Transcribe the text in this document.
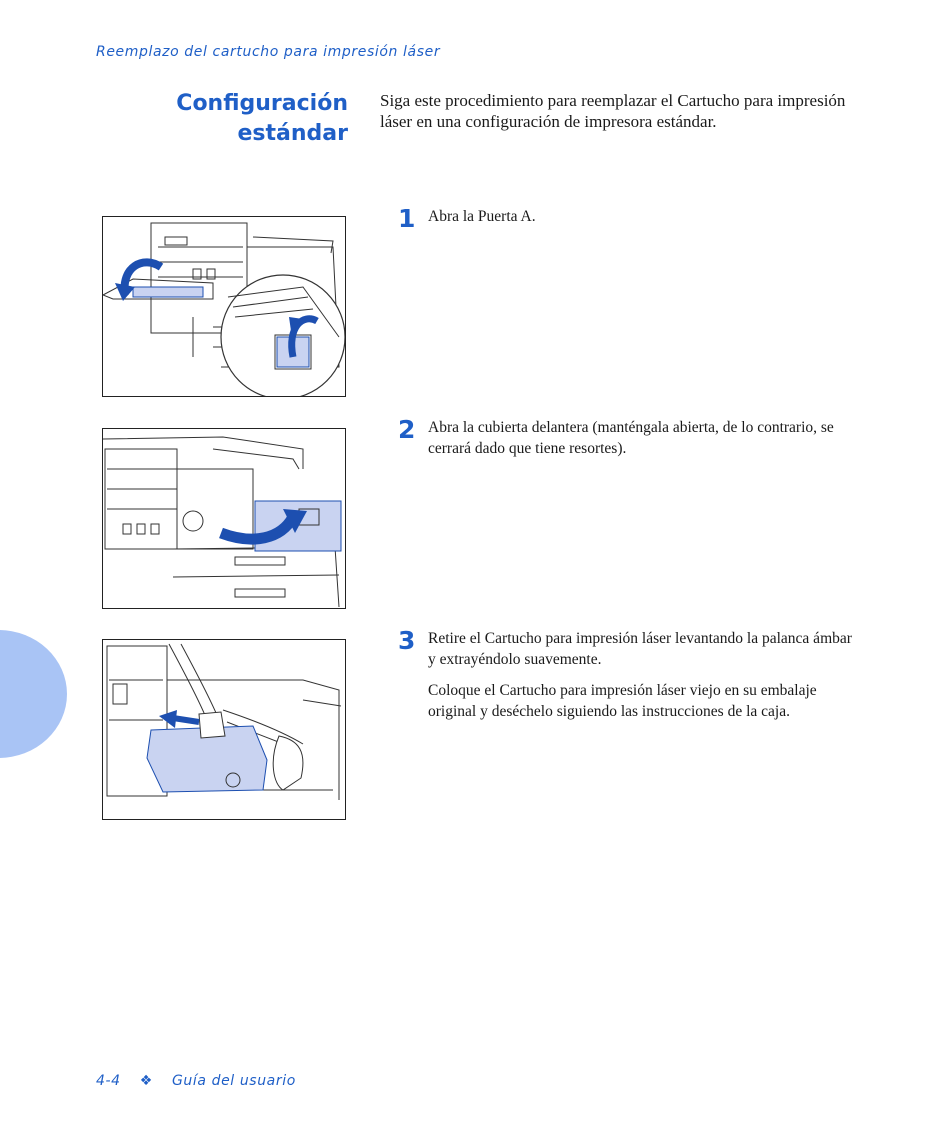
Reemplazo del cartucho para impresión láser
Configuración
estándar
Siga este procedimiento para reemplazar el Cartucho para impresión láser en una configuración de impresora estándar.
1 Abra la Puerta A.

2 Abra la cubierta delantera (manténgala abierta, de lo contrario, se cerrará dado que tiene resortes).

3 Retire el Cartucho para impresión láser levantando la palanca ámbar y extrayéndolo suavemente.

Coloque el Cartucho para impresión láser viejo en su embalaje original y deséchelo siguiendo las instrucciones de la caja.

4-4 ❖ Guía del usuario
